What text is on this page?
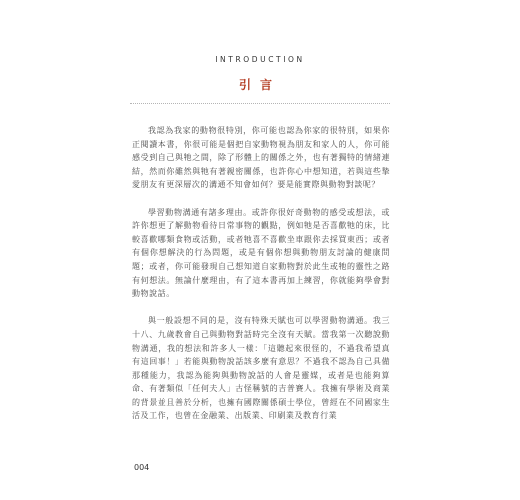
INTRODUCTION
引言

我認為我家的動物很特別，你可能也認為你家的很特別，如果你正閱讀本書，你很可能是個把自家動物視為朋友和家人的人，你可能感受到自己與牠之間，除了形體上的關係之外，也有著獨特的情緒連結，然而你雖然與牠有著親密關係，也許你心中想知道，若與這些摯愛朋友有更深層次的溝通不知會如何？要是能實際與動物對談呢？

學習動物溝通有諸多理由。或許你很好奇動物的感受或想法，或許你想更了解動物看待日常事物的觀點，例如牠是否喜歡牠的床，比較喜歡哪類食物或活動，或者牠喜不喜歡坐車跟你去採買東西；或者有個你想解決的行為問題，或是有個你想與動物朋友討論的健康問題；或者，你可能發現自己想知道自家動物對於此生或牠的靈性之路有何想法。無論什麼理由，有了這本書再加上練習，你就能夠學會對動物說話。

與一般設想不同的是，沒有特殊天賦也可以學習動物溝通。我三十八、九歲教會自己與動物對話時完全沒有天賦。當我第一次聽說動物溝通，我的想法和許多人一樣：「這聽起來很怪的，不過我希望真有這回事！」若能與動物說話該多麼有意思？不過我不認為自己具備那種能力，我認為能夠與動物說話的人會是靈媒，或者是也能夠算命、有著類似「任何夫人」古怪稱號的吉普賽人。我擁有學術及商業的背景並且善於分析，也擁有國際關係碩士學位，曾經在不同國家生活及工作，也曾在金融業、出版業、印刷業及教育行業

004
